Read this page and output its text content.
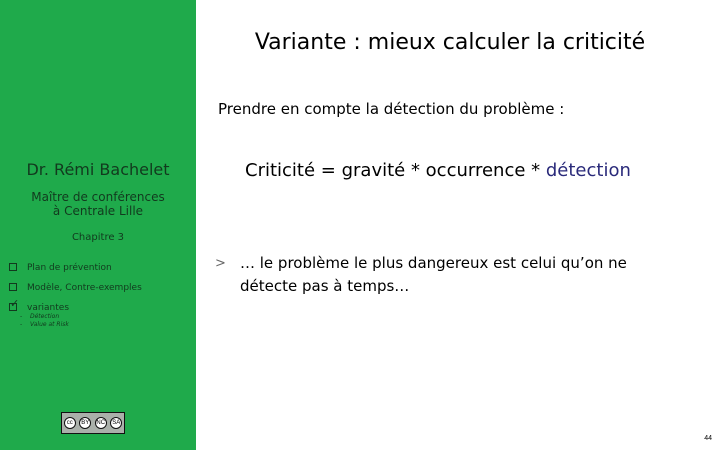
Dr. Rémi Bachelet
Maître de conférences
à Centrale Lille
Chapitre 3
Plan de prévention
Modèle, Contre-exemples
✓ variantes
- Détection
- Value at Risk
cc	BY	NC	SA
Variante : mieux calculer la criticité
Prendre en compte la détection du problème :
Criticité = gravité * occurrence * détection
> … le problème le plus dangereux est celui qu’on ne détecte pas à temps…
44
